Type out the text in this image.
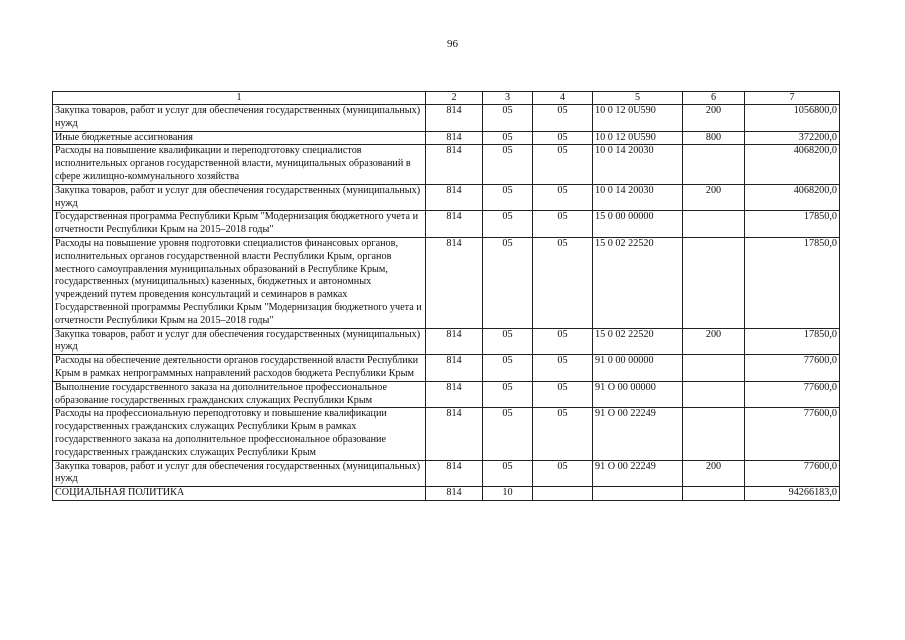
96
1	2	3	4	5	6	7
Закупка товаров, работ и услуг для обеспечения государственных (муниципальных) нужд	814	05	05	10 0 12 0U590	200	1056800,0
Иные бюджетные ассигнования	814	05	05	10 0 12 0U590	800	372200,0
Расходы на повышение квалификации и переподготовку специалистов исполнительных органов государственной власти, муниципальных образований в сфере жилищно-коммунального хозяйства	814	05	05	10 0 14 20030		4068200,0
Закупка товаров, работ и услуг для обеспечения государственных (муниципальных) нужд	814	05	05	10 0 14 20030	200	4068200,0
Государственная программа Республики Крым "Модернизация бюджетного учета и отчетности Республики Крым на 2015–2018 годы"	814	05	05	15 0 00 00000		17850,0
Расходы на повышение уровня подготовки специалистов финансовых органов, исполнительных органов государственной власти Республики Крым, органов местного самоуправления муниципальных образований в Республике Крым, государственных (муниципальных) казенных, бюджетных и автономных учреждений путем проведения консультаций и семинаров в рамках Государственной программы Республики Крым "Модернизация бюджетного учета и отчетности Республики Крым на 2015–2018 годы"	814	05	05	15 0 02 22520		17850,0
Закупка товаров, работ и услуг для обеспечения государственных (муниципальных) нужд	814	05	05	15 0 02 22520	200	17850,0
Расходы на обеспечение деятельности органов государственной власти Республики Крым в рамках непрограммных направлений расходов бюджета Республики Крым	814	05	05	91 0 00 00000		77600,0
Выполнение государственного заказа на дополнительное профессиональное образование государственных гражданских служащих Республики Крым	814	05	05	91 О 00 00000		77600,0
Расходы на профессиональную переподготовку и повышение квалификации государственных гражданских служащих Республики Крым в рамках государственного заказа на дополнительное профессиональное образование государственных гражданских служащих Республики Крым	814	05	05	91 О 00 22249		77600,0
Закупка товаров, работ и услуг для обеспечения государственных (муниципальных) нужд	814	05	05	91 О 00 22249	200	77600,0
СОЦИАЛЬНАЯ ПОЛИТИКА	814	10				94266183,0
